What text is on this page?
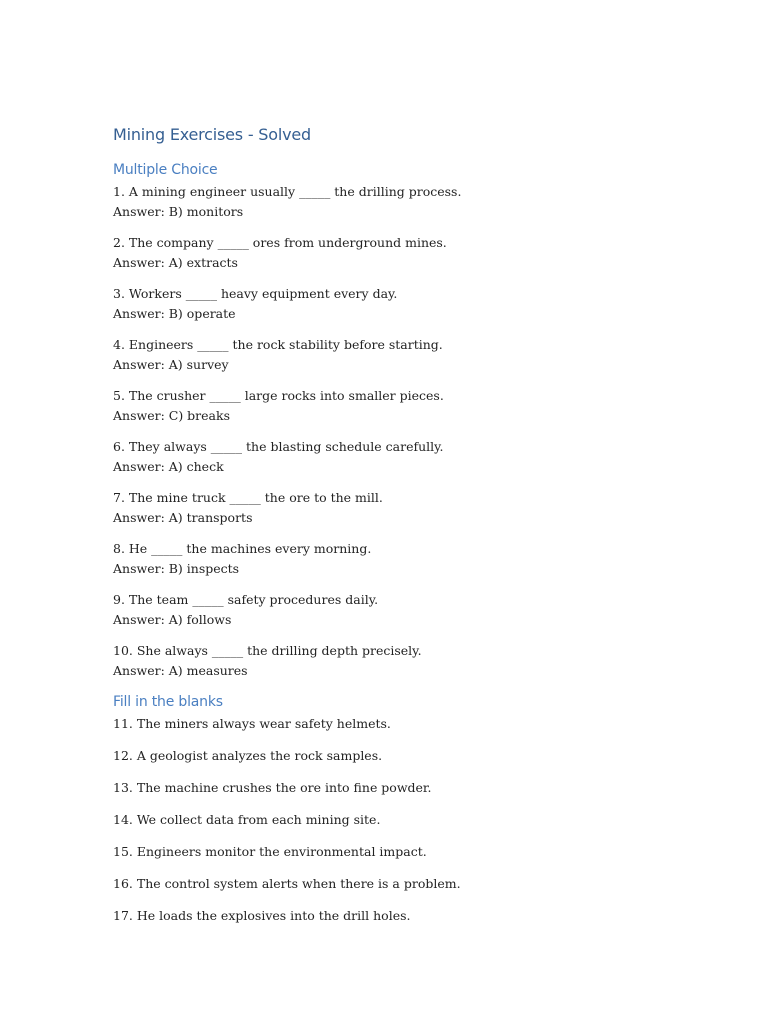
Mining Exercises - Solved
Multiple Choice
1. A mining engineer usually _____ the drilling process.
Answer: B) monitors
2. The company _____ ores from underground mines.
Answer: A) extracts
3. Workers _____ heavy equipment every day.
Answer: B) operate
4. Engineers _____ the rock stability before starting.
Answer: A) survey
5. The crusher _____ large rocks into smaller pieces.
Answer: C) breaks
6. They always _____ the blasting schedule carefully.
Answer: A) check
7. The mine truck _____ the ore to the mill.
Answer: A) transports
8. He _____ the machines every morning.
Answer: B) inspects
9. The team _____ safety procedures daily.
Answer: A) follows
10. She always _____ the drilling depth precisely.
Answer: A) measures
Fill in the blanks
11. The miners always wear safety helmets.
12. A geologist analyzes the rock samples.
13. The machine crushes the ore into fine powder.
14. We collect data from each mining site.
15. Engineers monitor the environmental impact.
16. The control system alerts when there is a problem.
17. He loads the explosives into the drill holes.
